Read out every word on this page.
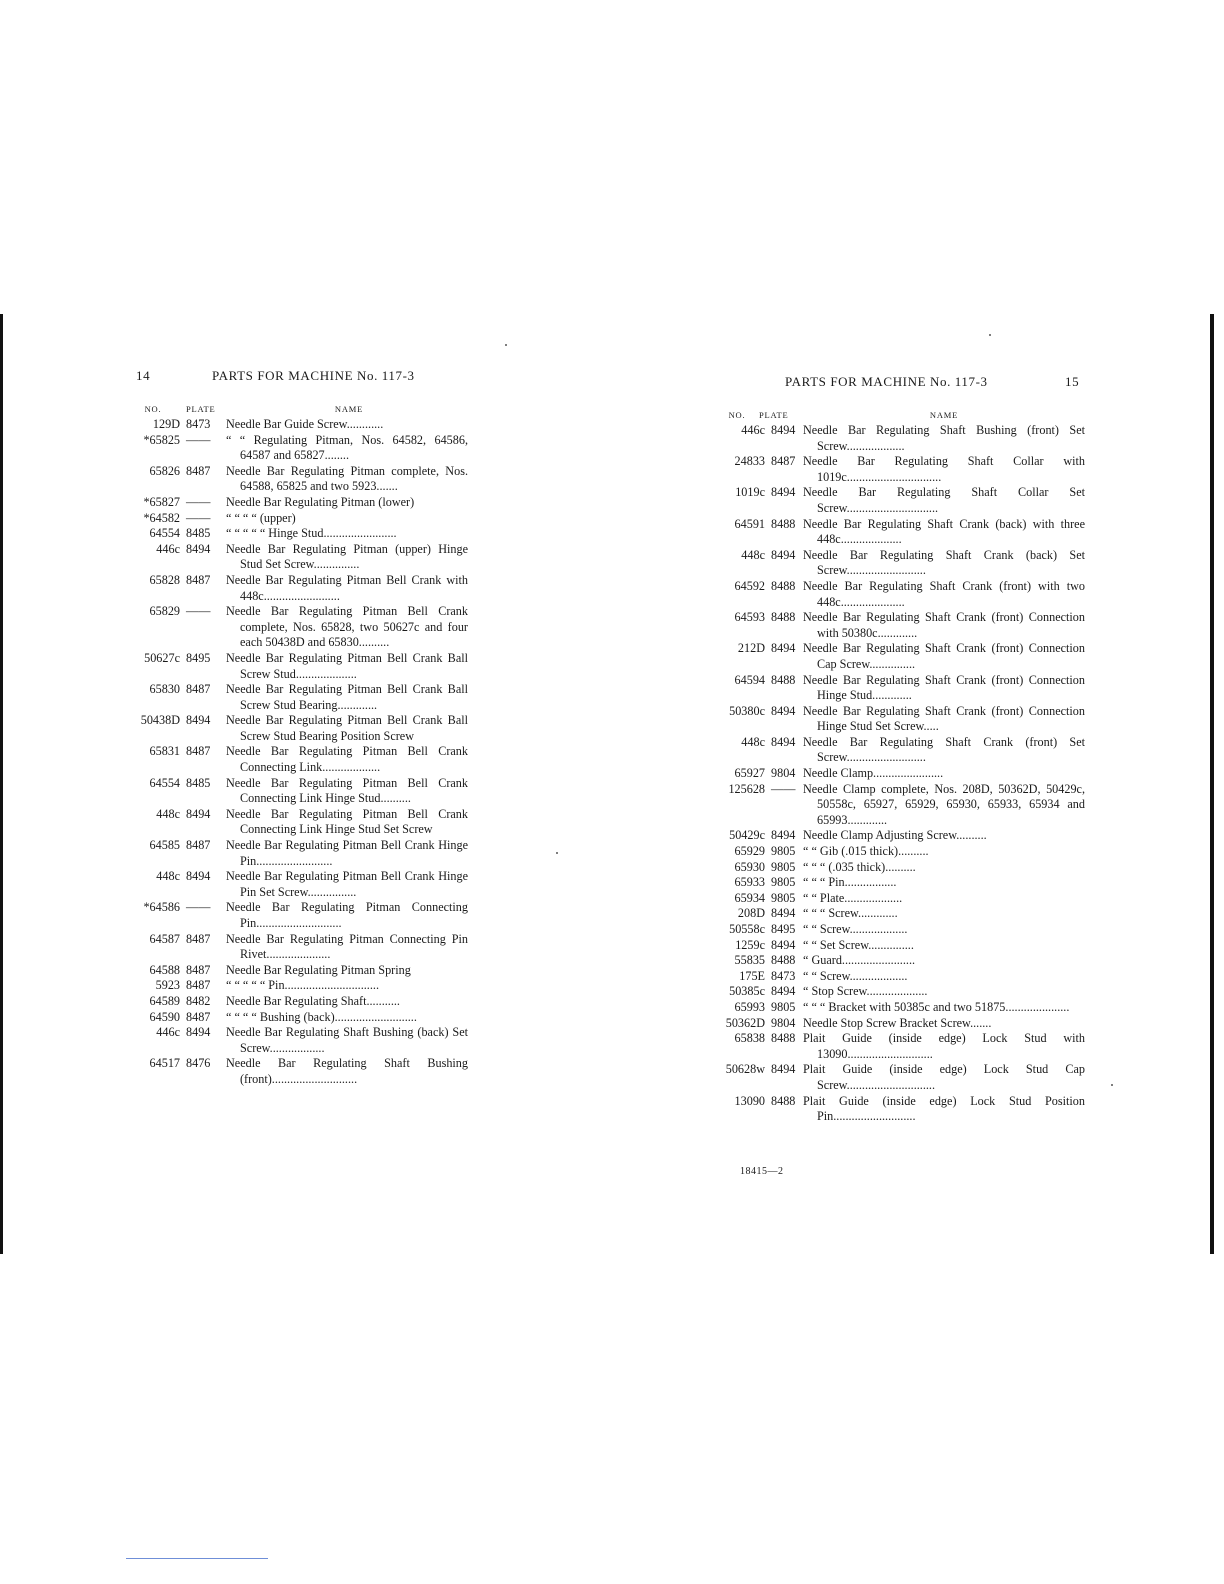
14	PARTS FOR MACHINE No. 117-3
NO.	PLATE	NAME
129D 8473	Needle Bar Guide Screw............
*65825 ——	“ “ Regulating Pitman, Nos. 64582, 64586, 64587 and 65827........
65826 8487	Needle Bar Regulating Pitman complete, Nos. 64588, 65825 and two 5923.......
*65827 ——	Needle Bar Regulating Pitman (lower)
*64582 ——	“ “ “ “ (upper)
64554 8485	“ “ “ “ “ Hinge Stud........................
446c 8494	Needle Bar Regulating Pitman (upper) Hinge Stud Set Screw...............
65828 8487	Needle Bar Regulating Pitman Bell Crank with 448c.........................
65829 ——	Needle Bar Regulating Pitman Bell Crank complete, Nos. 65828, two 50627c and four each 50438D and 65830..........
50627c 8495	Needle Bar Regulating Pitman Bell Crank Ball Screw Stud....................
65830 8487	Needle Bar Regulating Pitman Bell Crank Ball Screw Stud Bearing.............
50438D 8494	Needle Bar Regulating Pitman Bell Crank Ball Screw Stud Bearing Position Screw
65831 8487	Needle Bar Regulating Pitman Bell Crank Connecting Link...................
64554 8485	Needle Bar Regulating Pitman Bell Crank Connecting Link Hinge Stud..........
448c 8494	Needle Bar Regulating Pitman Bell Crank Connecting Link Hinge Stud Set Screw
64585 8487	Needle Bar Regulating Pitman Bell Crank Hinge Pin.........................
448c 8494	Needle Bar Regulating Pitman Bell Crank Hinge Pin Set Screw................
*64586 ——	Needle Bar Regulating Pitman Connecting Pin............................
64587 8487	Needle Bar Regulating Pitman Connecting Pin Rivet.....................
64588 8487	Needle Bar Regulating Pitman Spring
5923 8487	“ “ “ “ “ Pin...............................
64589 8482	Needle Bar Regulating Shaft...........
64590 8487	“ “ “ “ Bushing (back)...........................
446c 8494	Needle Bar Regulating Shaft Bushing (back) Set Screw..................
64517 8476	Needle Bar Regulating Shaft Bushing (front)............................
PARTS FOR MACHINE No. 117-3	15
NO.	PLATE	NAME
446c 8494 Needle Bar Regulating Shaft Bushing (front) Set Screw...................
24833 8487 Needle Bar Regulating Shaft Collar with 1019c...............................
1019c 8494 Needle Bar Regulating Shaft Collar Set Screw..............................
64591 8488 Needle Bar Regulating Shaft Crank (back) with three 448c....................
448c 8494 Needle Bar Regulating Shaft Crank (back) Set Screw..........................
64592 8488 Needle Bar Regulating Shaft Crank (front) with two 448c.....................
64593 8488 Needle Bar Regulating Shaft Crank (front) Connection with 50380c.............
212D 8494 Needle Bar Regulating Shaft Crank (front) Connection Cap Screw...............
64594 8488 Needle Bar Regulating Shaft Crank (front) Connection Hinge Stud.............
50380c 8494 Needle Bar Regulating Shaft Crank (front) Connection Hinge Stud Set Screw.....
448c 8494 Needle Bar Regulating Shaft Crank (front) Set Screw..........................
65927 9804 Needle Clamp.......................
125628 —— Needle Clamp complete, Nos. 208D, 50362D, 50429c, 50558c, 65927, 65929, 65930, 65933, 65934 and 65993.............
50429c 8494 Needle Clamp Adjusting Screw..........
65929 9805 “ “ Gib (.015 thick)..........
65930 9805 “ “ “ (.035 thick)..........
65933 9805 “ “ “ Pin.................
65934 9805 “ “ Plate...................
208D 8494 “ “ “ Screw.............
50558c 8495 “ “ Screw...................
1259c 8494 “ “ Set Screw...............
55835 8488 “ Guard........................
175E 8473 “ “ Screw...................
50385c 8494 “ Stop Screw....................
65993 9805 “ “ “ Bracket with 50385c and two 51875.....................
50362D 9804 Needle Stop Screw Bracket Screw.......
65838 8488 Plait Guide (inside edge) Lock Stud with 13090............................
50628w 8494 Plait Guide (inside edge) Lock Stud Cap Screw.............................
13090 8488 Plait Guide (inside edge) Lock Stud Position Pin...........................
18415—2
